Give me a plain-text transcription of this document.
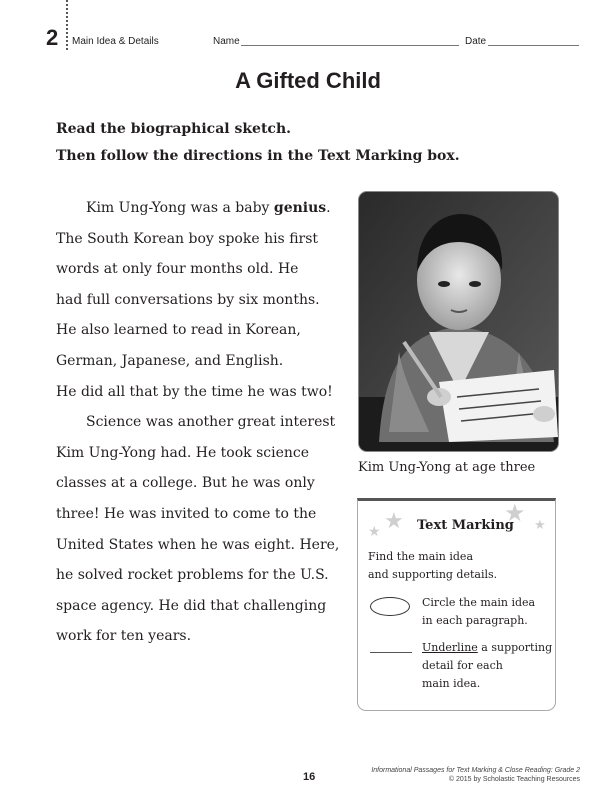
2 Main Idea & Details	Name	Date
A Gifted Child
Read the biographical sketch.
Then follow the directions in the Text Marking box.
Kim Ung-Yong was a baby genius.
The South Korean boy spoke his first
words at only four months old. He
had full conversations by six months.
He also learned to read in Korean,
German, Japanese, and English.
He did all that by the time he was two!
Science was another great interest
Kim Ung-Yong had. He took science
classes at a college. But he was only
three! He was invited to come to the
United States when he was eight. Here,
he solved rocket problems for the U.S.
space agency. He did that challenging
work for ten years.
Kim Ung-Yong at age three
★ ★	★ ★
Text Marking
Find the main idea
and supporting details.
Circle the main idea
in each paragraph.
Underline a supporting
detail for each
main idea.
16
Informational Passages for Text Marking & Close Reading: Grade 2
© 2015 by Scholastic Teaching Resources
